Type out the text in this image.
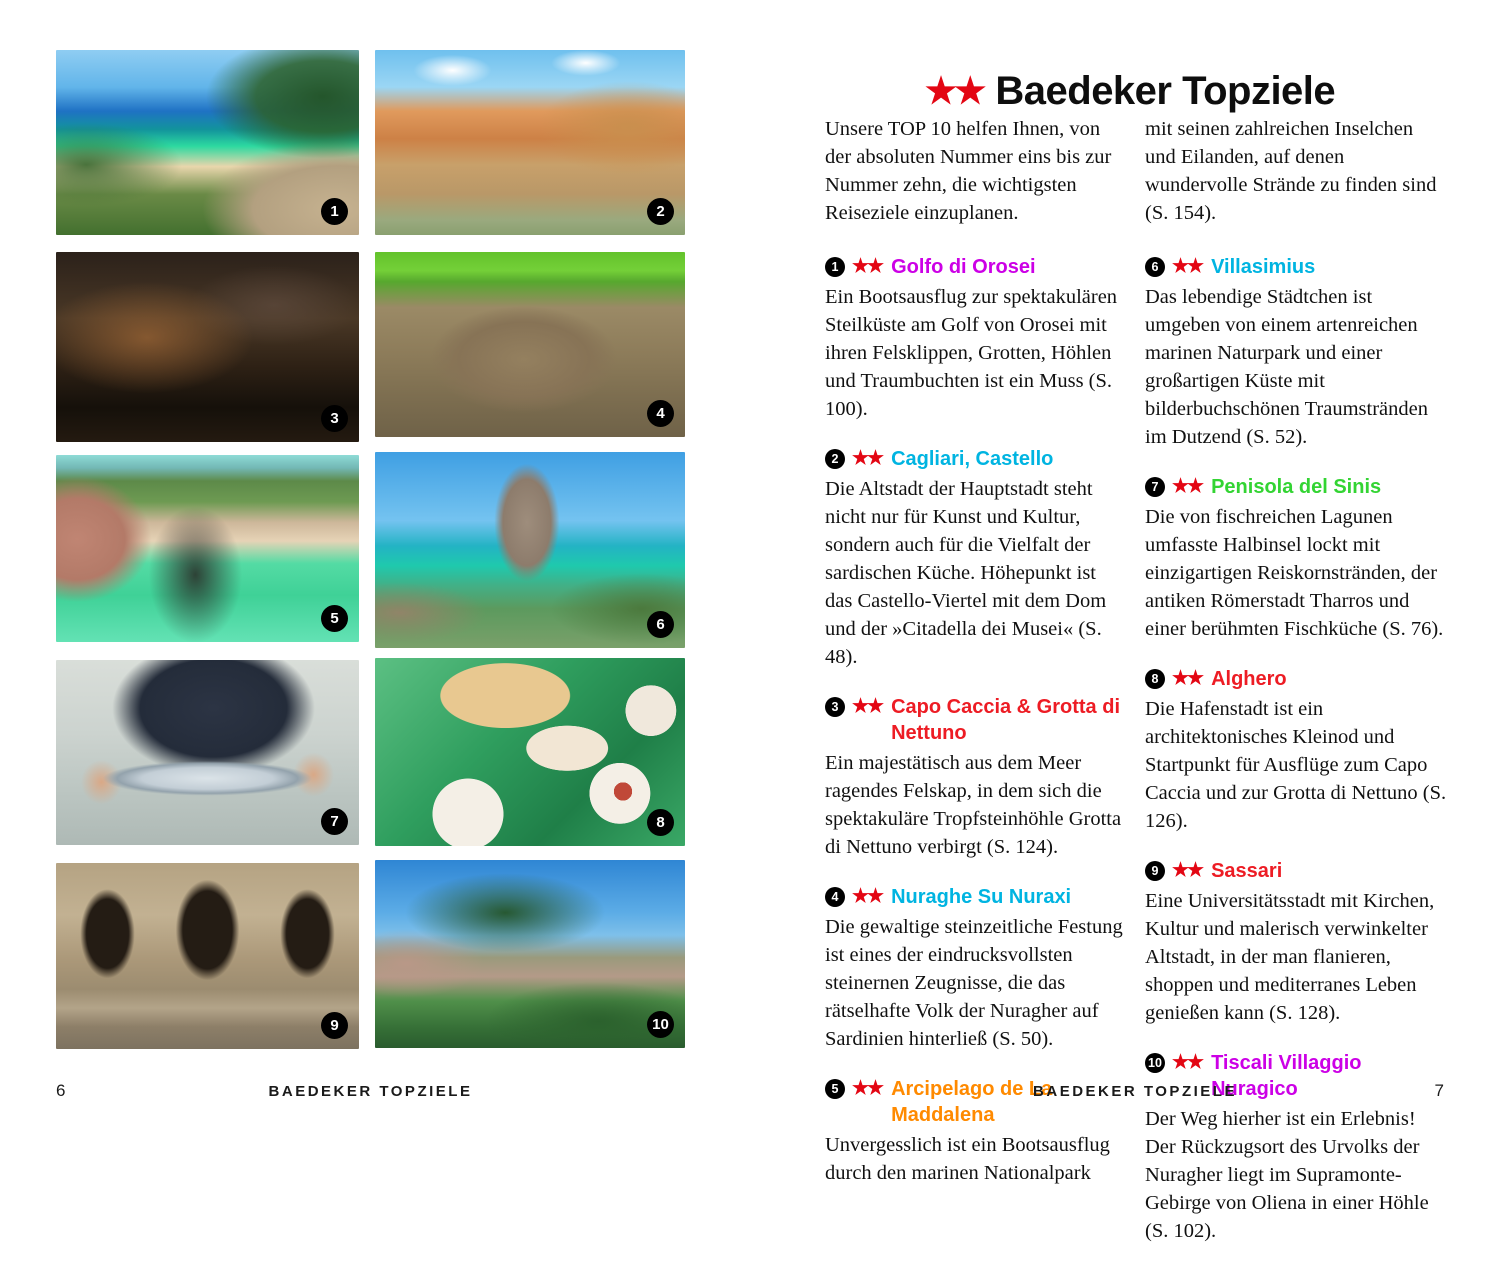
1	2
3	4
5	6
7	8
9	10
★★ Baedeker Topziele

Unsere TOP 10 helfen Ihnen, von der absoluten Nummer eins bis zur Nummer zehn, die wichtigsten Reiseziele einzuplanen.

1 ★★ Golfo di Orosei
Ein Bootsausflug zur spektakulären Steilküste am Golf von Orosei mit ihren Felsklippen, Grotten, Höhlen und Traumbuchten ist ein Muss (S. 100).
2 ★★ Cagliari, Castello
Die Altstadt der Hauptstadt steht nicht nur für Kunst und Kultur, sondern auch für die Vielfalt der sardischen Küche. Höhepunkt ist das Castello-Viertel mit dem Dom und der »Citadella dei Musei« (S. 48).
3 ★★ Capo Caccia & Grotta di Nettuno
Ein majestätisch aus dem Meer ragendes Felskap, in dem sich die spektakuläre Tropfsteinhöhle Grotta di Nettuno verbirgt (S. 124).
4 ★★ Nuraghe Su Nuraxi
Die gewaltige steinzeitliche Festung ist eines der eindrucksvollsten steinernen Zeugnisse, die das rätselhafte Volk der Nuragher auf Sardinien hinterließ (S. 50).
5 ★★ Arcipelago de La Maddalena
Unvergesslich ist ein Bootsausflug durch den marinen Nationalpark

mit seinen zahlreichen Inselchen und Eilanden, auf denen wundervolle Strände zu finden sind (S. 154).

6 ★★ Villasimius
Das lebendige Städtchen ist umgeben von einem artenreichen marinen Naturpark und einer großartigen Küste mit bilderbuchschönen Traumstränden im Dutzend (S. 52).
7 ★★ Penisola del Sinis
Die von fischreichen Lagunen umfasste Halbinsel lockt mit einzigartigen Reiskornstränden, der antiken Römerstadt Tharros und einer berühmten Fischküche (S. 76).
8 ★★ Alghero
Die Hafenstadt ist ein architektonisches Kleinod und Startpunkt für Ausflüge zum Capo Caccia und zur Grotta di Nettuno (S. 126).
9 ★★ Sassari
Eine Universitätsstadt mit Kirchen, Kultur und malerisch verwinkelter Altstadt, in der man flanieren, shoppen und mediterranes Leben genießen kann (S. 128).
10 ★★ Tiscali Villaggio Nuragico
Der Weg hierher ist ein Erlebnis! Der Rückzugsort des Urvolks der Nuragher liegt im Supramonte-Gebirge von Oliena in einer Höhle (S. 102).
6	BAEDEKER TOPZIELE	BAEDEKER TOPZIELE	7
